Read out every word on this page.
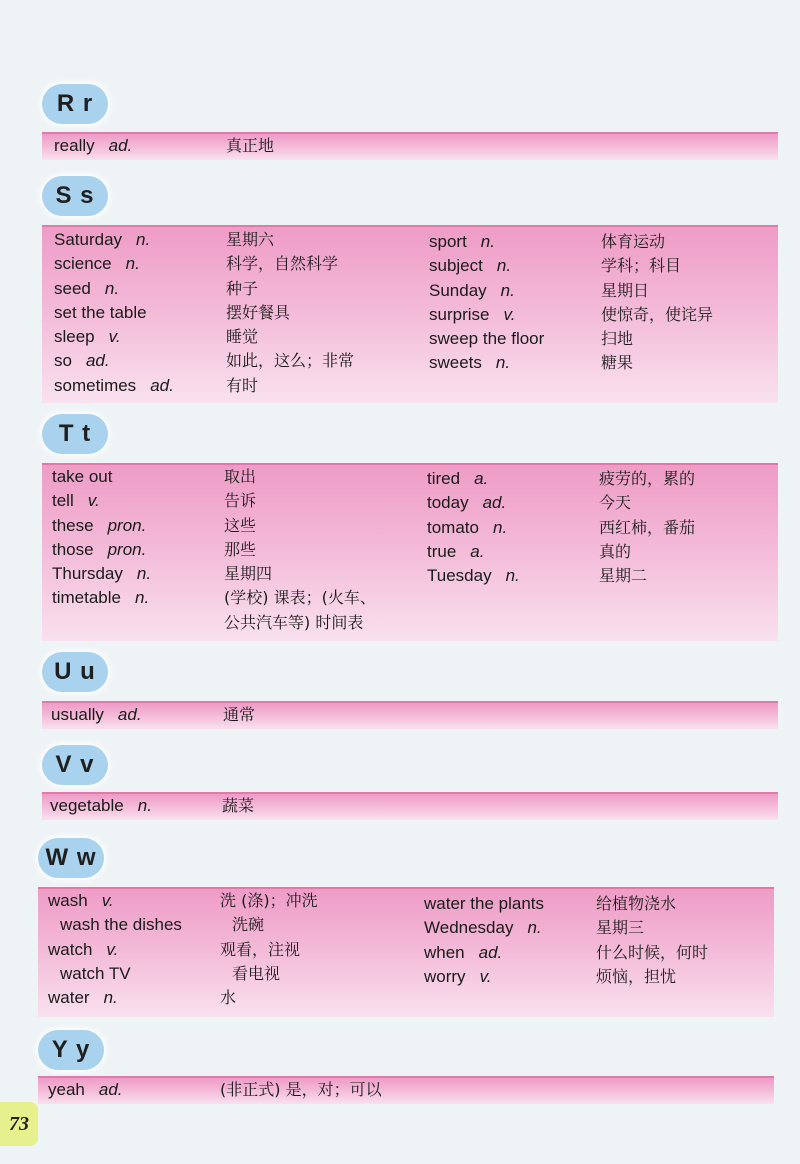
R r
really ad.	真正地
S s
Saturday n.	星期六
science n.	科学，自然科学
seed n.	种子
set the table	摆好餐具
sleep v.	睡觉
so ad.	如此，这么；非常
sometimes ad.	有时
sport n.	体育运动
subject n.	学科；科目
Sunday n.	星期日
surprise v.	使惊奇，使诧异
sweep the floor	扫地
sweets n.	糖果
T t
take out	取出
tell v.	告诉
these pron.	这些
those pron.	那些
Thursday n.	星期四
timetable n.	(学校) 课表；(火车、
公共汽车等) 时间表
tired a.	疲劳的，累的
today ad.	今天
tomato n.	西红柿，番茄
true a.	真的
Tuesday n.	星期二
U u
usually ad.	通常
V v
vegetable n.	蔬菜
W w
wash v.	洗 (涤)；冲洗
wash the dishes	洗碗
watch v.	观看，注视
watch TV	看电视
water n.	水
water the plants	给植物浇水
Wednesday n.	星期三
when ad.	什么时候，何时
worry v.	烦恼，担忧
Y y
yeah ad.	(非正式) 是，对；可以
73
